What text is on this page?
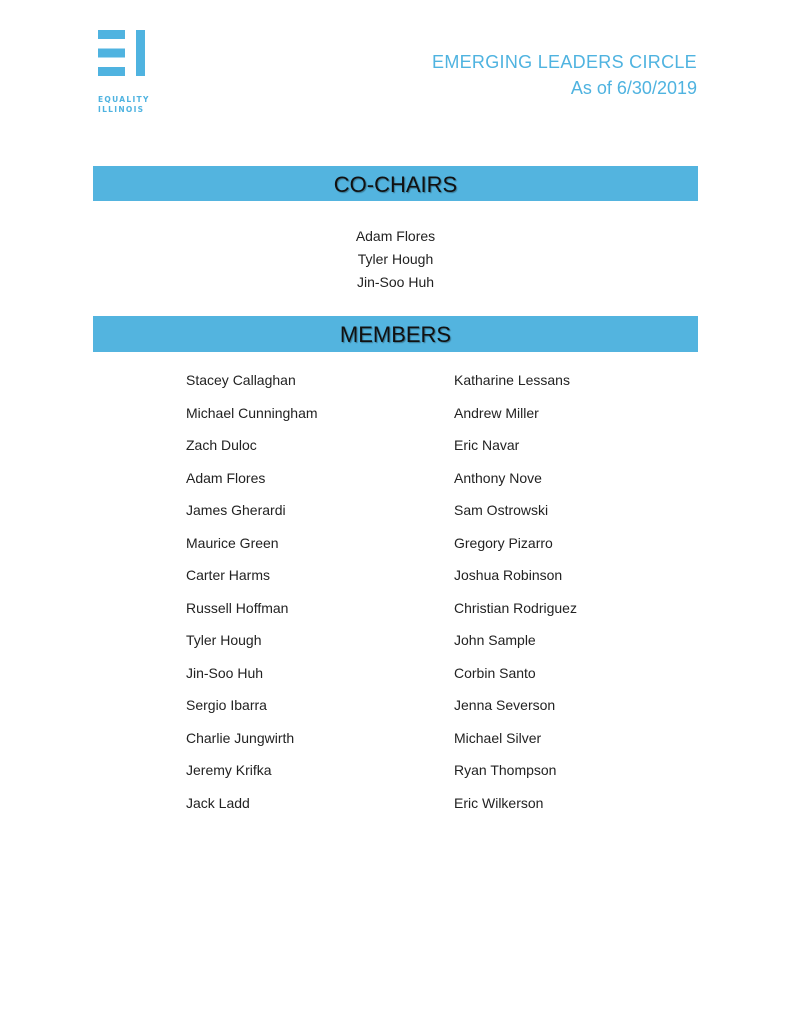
EQUALITY
ILLINOIS
EMERGING LEADERS CIRCLE
As of 6/30/2019
CO-CHAIRS
Adam Flores
Tyler Hough
Jin-Soo Huh
MEMBERS
Stacey Callaghan
Michael Cunningham
Zach Duloc
Adam Flores
James Gherardi
Maurice Green
Carter Harms
Russell Hoffman
Tyler Hough
Jin-Soo Huh
Sergio Ibarra
Charlie Jungwirth
Jeremy Krifka
Jack Ladd
Katharine Lessans
Andrew Miller
Eric Navar
Anthony Nove
Sam Ostrowski
Gregory Pizarro
Joshua Robinson
Christian Rodriguez
John Sample
Corbin Santo
Jenna Severson
Michael Silver
Ryan Thompson
Eric Wilkerson
